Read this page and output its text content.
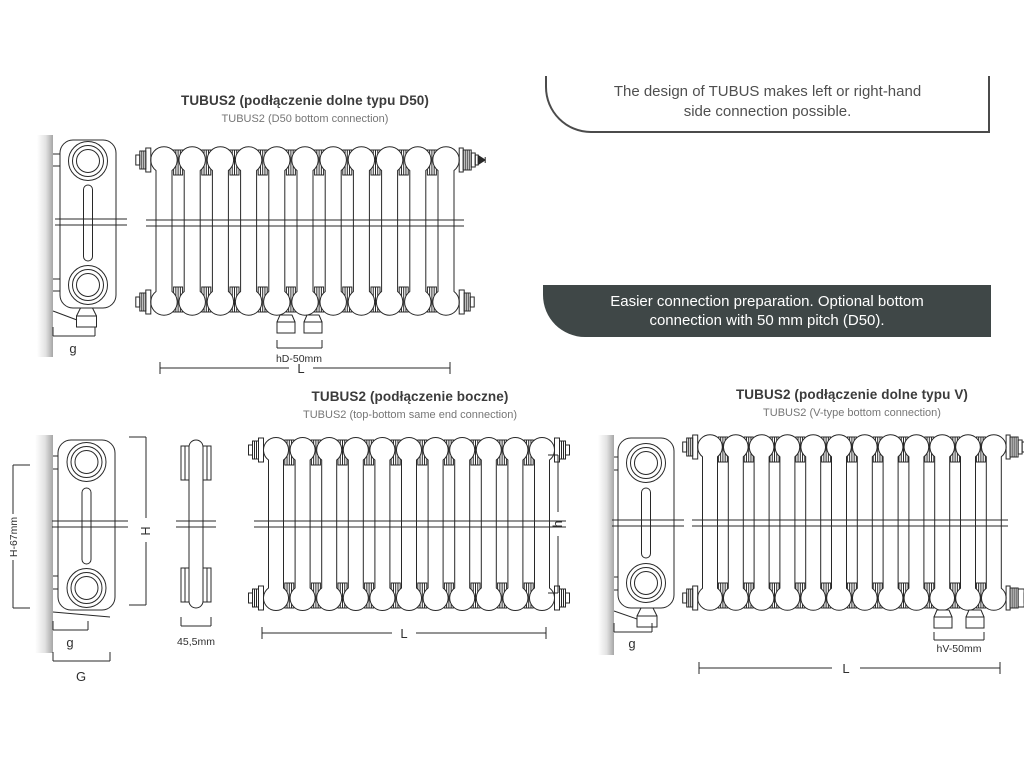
TUBUS2 (podłączenie dolne typu D50)
TUBUS2 (D50 bottom connection)
g
hD-50mm
L
The design of TUBUS makes left or right-hand
side connection possible.
Easier connection preparation. Optional bottom
connection with 50 mm pitch (D50).
TUBUS2 (podłączenie boczne)
TUBUS2 (top-bottom same end connection)
H-67mm	H
g
G
45,5mm
h
L
TUBUS2 (podłączenie dolne typu V)
TUBUS2 (V-type bottom connection)
g	hV-50mm
L
